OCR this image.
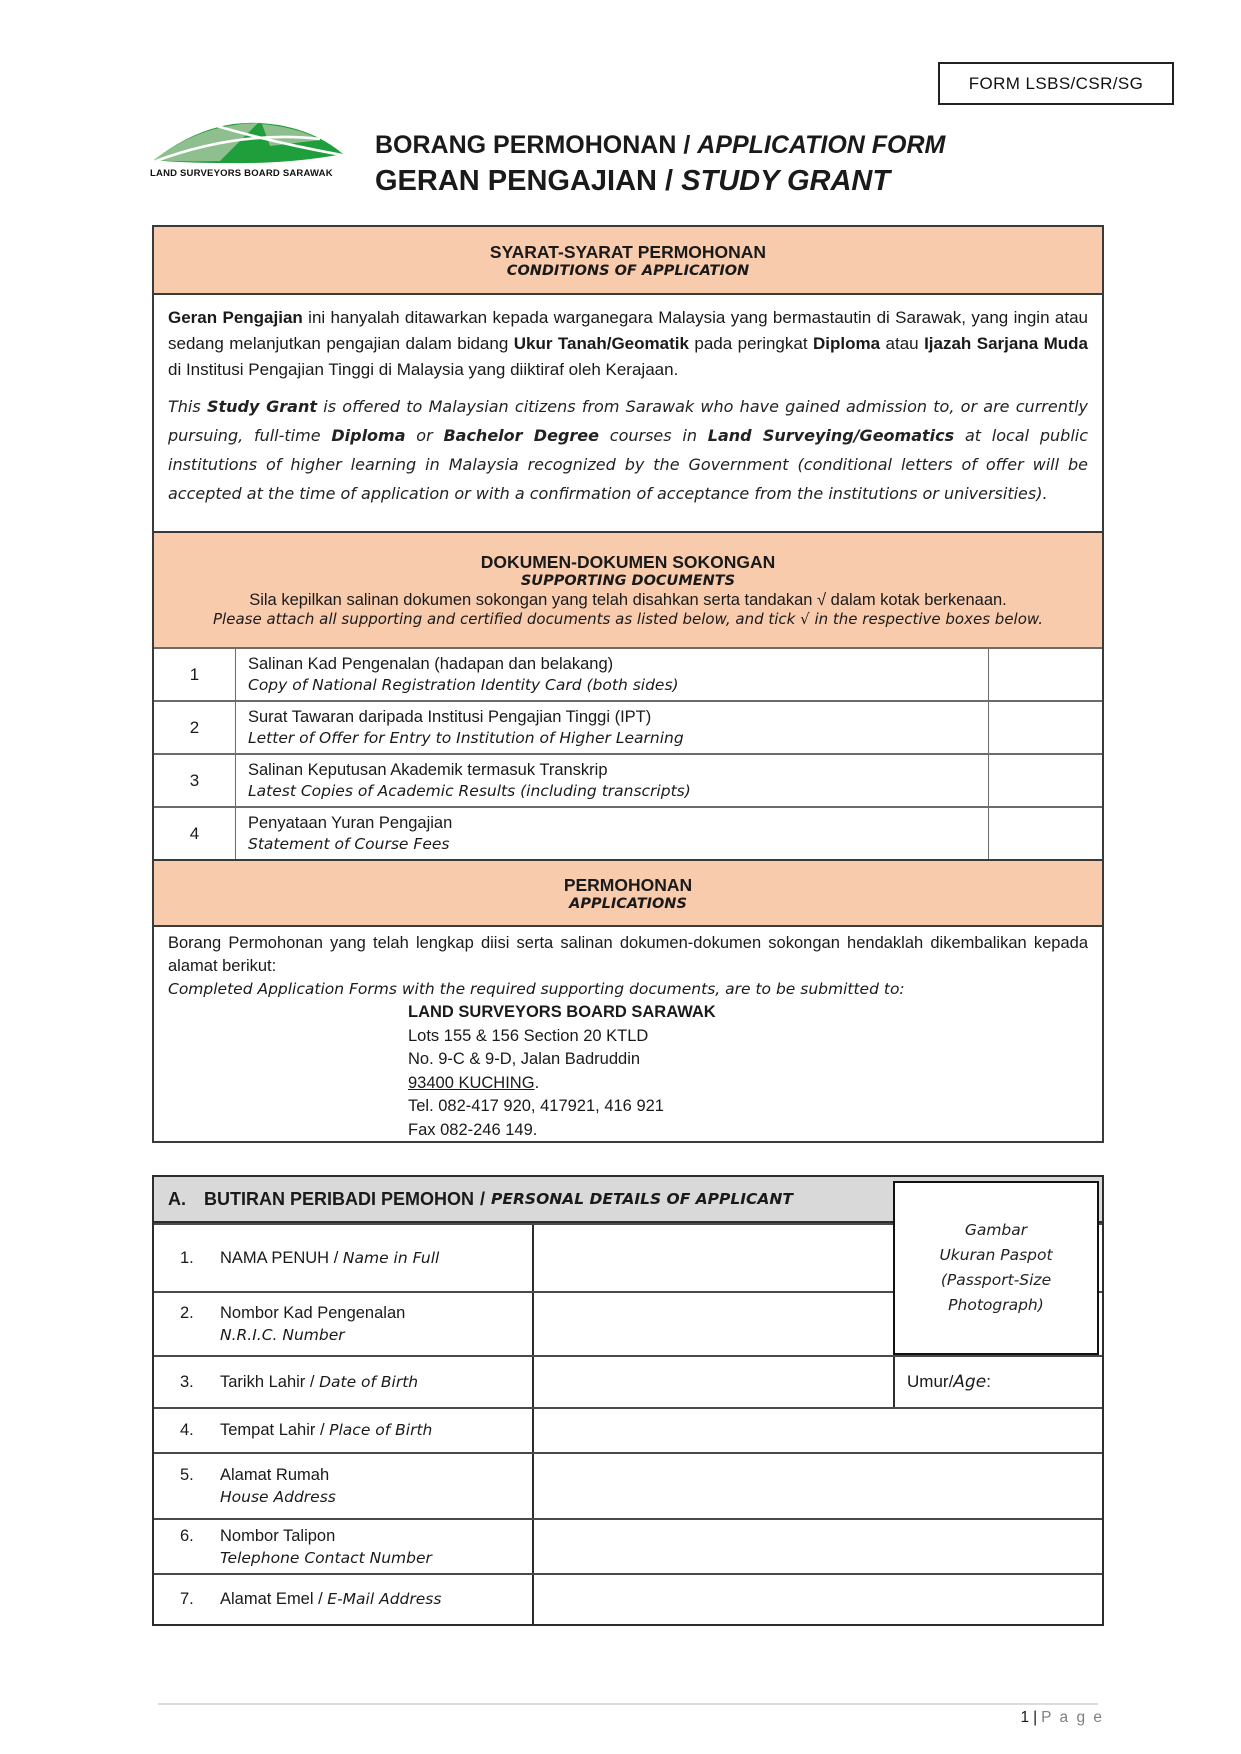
FORM LSBS/CSR/SG
LAND SURVEYORS BOARD SARAWAK
BORANG PERMOHONAN / APPLICATION FORM
GERAN PENGAJIAN / STUDY GRANT
SYARAT-SYARAT PERMOHONAN
CONDITIONS OF APPLICATION

Geran Pengajian ini hanyalah ditawarkan kepada warganegara Malaysia yang bermastautin di Sarawak, yang ingin atau sedang melanjutkan pengajian dalam bidang Ukur Tanah/Geomatik pada peringkat Diploma atau Ijazah Sarjana Muda di Institusi Pengajian Tinggi di Malaysia yang diiktiraf oleh Kerajaan.

This Study Grant is offered to Malaysian citizens from Sarawak who have gained admission to, or are currently pursuing, full-time Diploma or Bachelor Degree courses in Land Surveying/Geomatics at local public institutions of higher learning in Malaysia recognized by the Government (conditional letters of offer will be accepted at the time of application or with a confirmation of acceptance from the institutions or universities).

DOKUMEN-DOKUMEN SOKONGAN
SUPPORTING DOCUMENTS
Sila kepilkan salinan dokumen sokongan yang telah disahkan serta tandakan √ dalam kotak berkenaan.
Please attach all supporting and certified documents as listed below, and tick √ in the respective boxes below.
1
Salinan Kad Pengenalan (hadapan dan belakang)
Copy of National Registration Identity Card (both sides)
2
Surat Tawaran daripada Institusi Pengajian Tinggi (IPT)
Letter of Offer for Entry to Institution of Higher Learning
3
Salinan Keputusan Akademik termasuk Transkrip
Latest Copies of Academic Results (including transcripts)
4
Penyataan Yuran Pengajian
Statement of Course Fees
PERMOHONAN
APPLICATIONS
Borang Permohonan yang telah lengkap diisi serta salinan dokumen-dokumen sokongan hendaklah dikembalikan kepada alamat berikut:
Completed Application Forms with the required supporting documents, are to be submitted to:
LAND SURVEYORS BOARD SARAWAK
Lots 155 & 156 Section 20 KTLD
No. 9-C & 9-D, Jalan Badruddin
93400 KUCHING.
Tel. 082-417 920, 417921, 416 921
Fax 082-246 149.
A. BUTIRAN PERIBADI PEMOHON / PERSONAL DETAILS OF APPLICANT
1.	NAMA PENUH / Name in Full
2.	Nombor Kad Pengenalan
N.R.I.C. Number
3.	Tarikh Lahir / Date of Birth	Umur / Age :
4.	Tempat Lahir / Place of Birth
5.	Alamat Rumah
House Address
6.	Nombor Talipon
Telephone Contact Number
7.	Alamat Emel / E-Mail Address
Gambar
Ukuran Paspot
(Passport-Size
Photograph)
1 | P a g e
